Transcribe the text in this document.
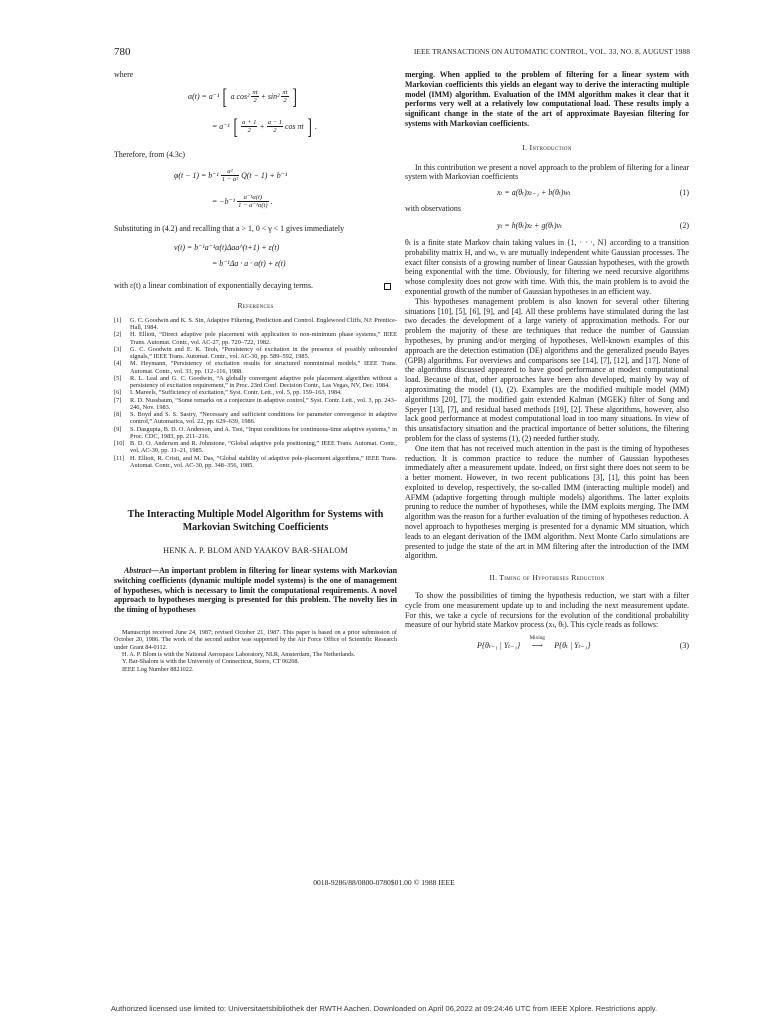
780	IEEE TRANSACTIONS ON AUTOMATIC CONTROL, VOL. 33, NO. 8, AUGUST 1988

where

α(t) = a⁻¹ [ a $\cos^2 \frac{\pi t}{2} + \sin^2 \frac{\pi t}{2}$ ]
= a⁻¹ [ $\frac{a + 1}{2} + \frac{a - 1}{2}$ cos πt ] .

Therefore, from (4.3c)

$\varphi(t - 1) = b^{-1} \frac{\text{a²}}{\text{1 − a²}} Q(t - 1) + b^{-1}$
= $-b^{-1} \frac{\text{a⁻¹α(t)}}{\text{1 − a⁻¹α(t)}}$ .

Substituting in (4.2) and recalling that a > 1, 0 < γ < 1 gives immediately

v(t) = b⁻¹a⁻¹α(t)Δaa^(t+1) + ε(t)
= b⁻¹Δa · a · α(t) + ε(t)

with ε(t) a linear combination of exponentially decaying terms.

References

[1] G. C. Goodwin and K. S. Sin, Adaptive Filtering, Prediction and Control. Englewood Cliffs, NJ: Prentice-Hall, 1984.
[2] H. Elliott, “Direct adaptive pole placement with application to non-minimum phase systems,” IEEE Trans. Automat. Contr., vol. AC-27, pp. 720–722, 1982.
[3] G. C. Goodwin and E. K. Teoh, “Persistency of excitation in the presence of possibly unbounded signals,” IEEE Trans. Automat. Contr., vol. AC-30, pp. 589–592, 1985.
[4] M. Heymann, “Persistency of excitation results for structured nonminimal models,” IEEE Trans. Automat. Contr., vol. 33, pp. 112–116, 1988.
[5] R. L. Leal and G. C. Goodwin, “A globally convergent adaptive pole placement algorithm without a persistency of excitation requirement,” in Proc. 23rd Conf. Decision Contr., Las Vegas, NV, Dec. 1984.
[6] I. Mareels, “Sufficiency of excitation,” Syst. Contr. Lett., vol. 5, pp. 159–163, 1984.
[7] R. D. Nussbaum, “Some remarks on a conjecture in adaptive control,” Syst. Contr. Lett., vol. 3, pp. 243–246, Nov. 1983.
[8] S. Boyd and S. S. Sastry, “Necessary and sufficient conditions for parameter convergence in adaptive control,” Automatica, vol. 22, pp. 629–639, 1986.
[9] S. Dasgupta, B. D. O. Anderson, and A. Tsoi, “Input conditions for continuous-time adaptive systems,” in Proc. CDC, 1983, pp. 211–216.
[10] B. D. O. Anderson and R. Johnstone, “Global adaptive pole positioning,” IEEE Trans. Automat. Contr., vol. AC-30, pp. 11–21, 1985.
[11] H. Elliott, R. Cristi, and M. Das, “Global stability of adaptive pole-placement algorithms,” IEEE Trans. Automat. Contr., vol. AC-30, pp. 348–356, 1985.

The Interacting Multiple Model Algorithm for Systems with Markovian Switching Coefficients

HENK A. P. BLOM AND YAAKOV BAR-SHALOM

Abstract—An important problem in filtering for linear systems with Markovian switching coefficients (dynamic multiple model systems) is the one of management of hypotheses, which is necessary to limit the computational requirements. A novel approach to hypotheses merging is presented for this problem. The novelty lies in the timing of hypotheses

Manuscript received June 24, 1987; revised October 21, 1987. This paper is based on a prior submission of October 20, 1986. The work of the second author was supported by the Air Force Office of Scientific Research under Grant 84-0112.

H. A. P. Blom is with the National Aerospace Laboratory, NLR, Amsterdam, The Netherlands.

Y. Bar-Shalom is with the University of Connecticut, Storrs, CT 06268.

IEEE Log Number 8821022.

merging. When applied to the problem of filtering for a linear system with Markovian coefficients this yields an elegant way to derive the interacting multiple model (IMM) algorithm. Evaluation of the IMM algorithm makes it clear that it performs very well at a relatively low computational load. These results imply a significant change in the state of the art of approximate Bayesian filtering for systems with Markovian coefficients.

I. Introduction

In this contribution we present a novel approach to the problem of filtering for a linear system with Markovian coefficients

xₜ = a(θₜ)xₜ₋₁ + b(θₜ)wₜ	(1)

with observations

yₜ = h(θₜ)xₜ + g(θₜ)vₜ	(2)

θₜ is a finite state Markov chain taking values in {1, · · ·, N} according to a transition probability matrix H, and wₜ, vₜ are mutually independent white Gaussian processes. The exact filter consists of a growing number of linear Gaussian hypotheses, with the growth being exponential with the time. Obviously, for filtering we need recursive algorithms whose complexity does not grow with time. With this, the main problem is to avoid the exponential growth of the number of Gaussian hypotheses in an efficient way.

This hypotheses management problem is also known for several other filtering situations [10], [5], [6], [9], and [4]. All these problems have stimulated during the last two decades the development of a large variety of approximation methods. For our problem the majority of these are techniques that reduce the number of Gaussian hypotheses, by pruning and/or merging of hypotheses. Well-known examples of this approach are the detection estimation (DE) algorithms and the generalized pseudo Bayes (GPB) algorithms. For overviews and comparisons see [14], [7], [12], and [17]. None of the algorithms discussed appeared to have good performance at modest computational load. Because of that, other approaches have been also developed, mainly by way of approximating the model (1), (2). Examples are the modified multiple model (MM) algorithms [20], [7], the modified gain extended Kalman (MGEK) filter of Song and Speyer [13], [7], and residual based methods [19], [2]. These algorithms, however, also lack good performance at modest computational load in too many situations. In view of this unsatisfactory situation and the practical importance of better solutions, the filtering problem for the class of systems (1), (2) needed further study.

One item that has not received much attention in the past is the timing of hypotheses reduction. It is common practice to reduce the number of Gaussian hypotheses immediately after a measurement update. Indeed, on first sight there does not seem to be a better moment. However, in two recent publications [3], [1], this point has been exploited to develop, respectively, the so-called IMM (interacting multiple model) and AFMM (adaptive forgetting through multiple models) algorithms. The latter exploits pruning to reduce the number of hypotheses, while the IMM exploits merging. The IMM algorithm was the reason for a further evaluation of the timing of hypotheses reduction. A novel approach to hypotheses merging is presented for a dynamic MM situation, which leads to an elegant derivation of the IMM algorithm. Next Monte Carlo simulations are presented to judge the state of the art in MM filtering after the introduction of the IMM algorithm.

II. Timing of Hypotheses Reduction

To show the possibilities of timing the hypothesis reduction, we start with a filter cycle from one measurement update up to and including the next measurement update. For this, we take a cycle of recursions for the evolution of the conditional probability measure of our hybrid state Markov process (xₜ, θₜ). This cycle reads as follows:

P{θₜ₋₁ | Yₜ₋₁}
Mixing
⟶ P{θₜ | Yₜ₋₁}	(3)
0018-9286/88/0800-0780$01.00 © 1988 IEEE
Authorized licensed use limited to: Universitaetsbibliothek der RWTH Aachen. Downloaded on April 06,2022 at 09:24:46 UTC from IEEE Xplore. Restrictions apply.
